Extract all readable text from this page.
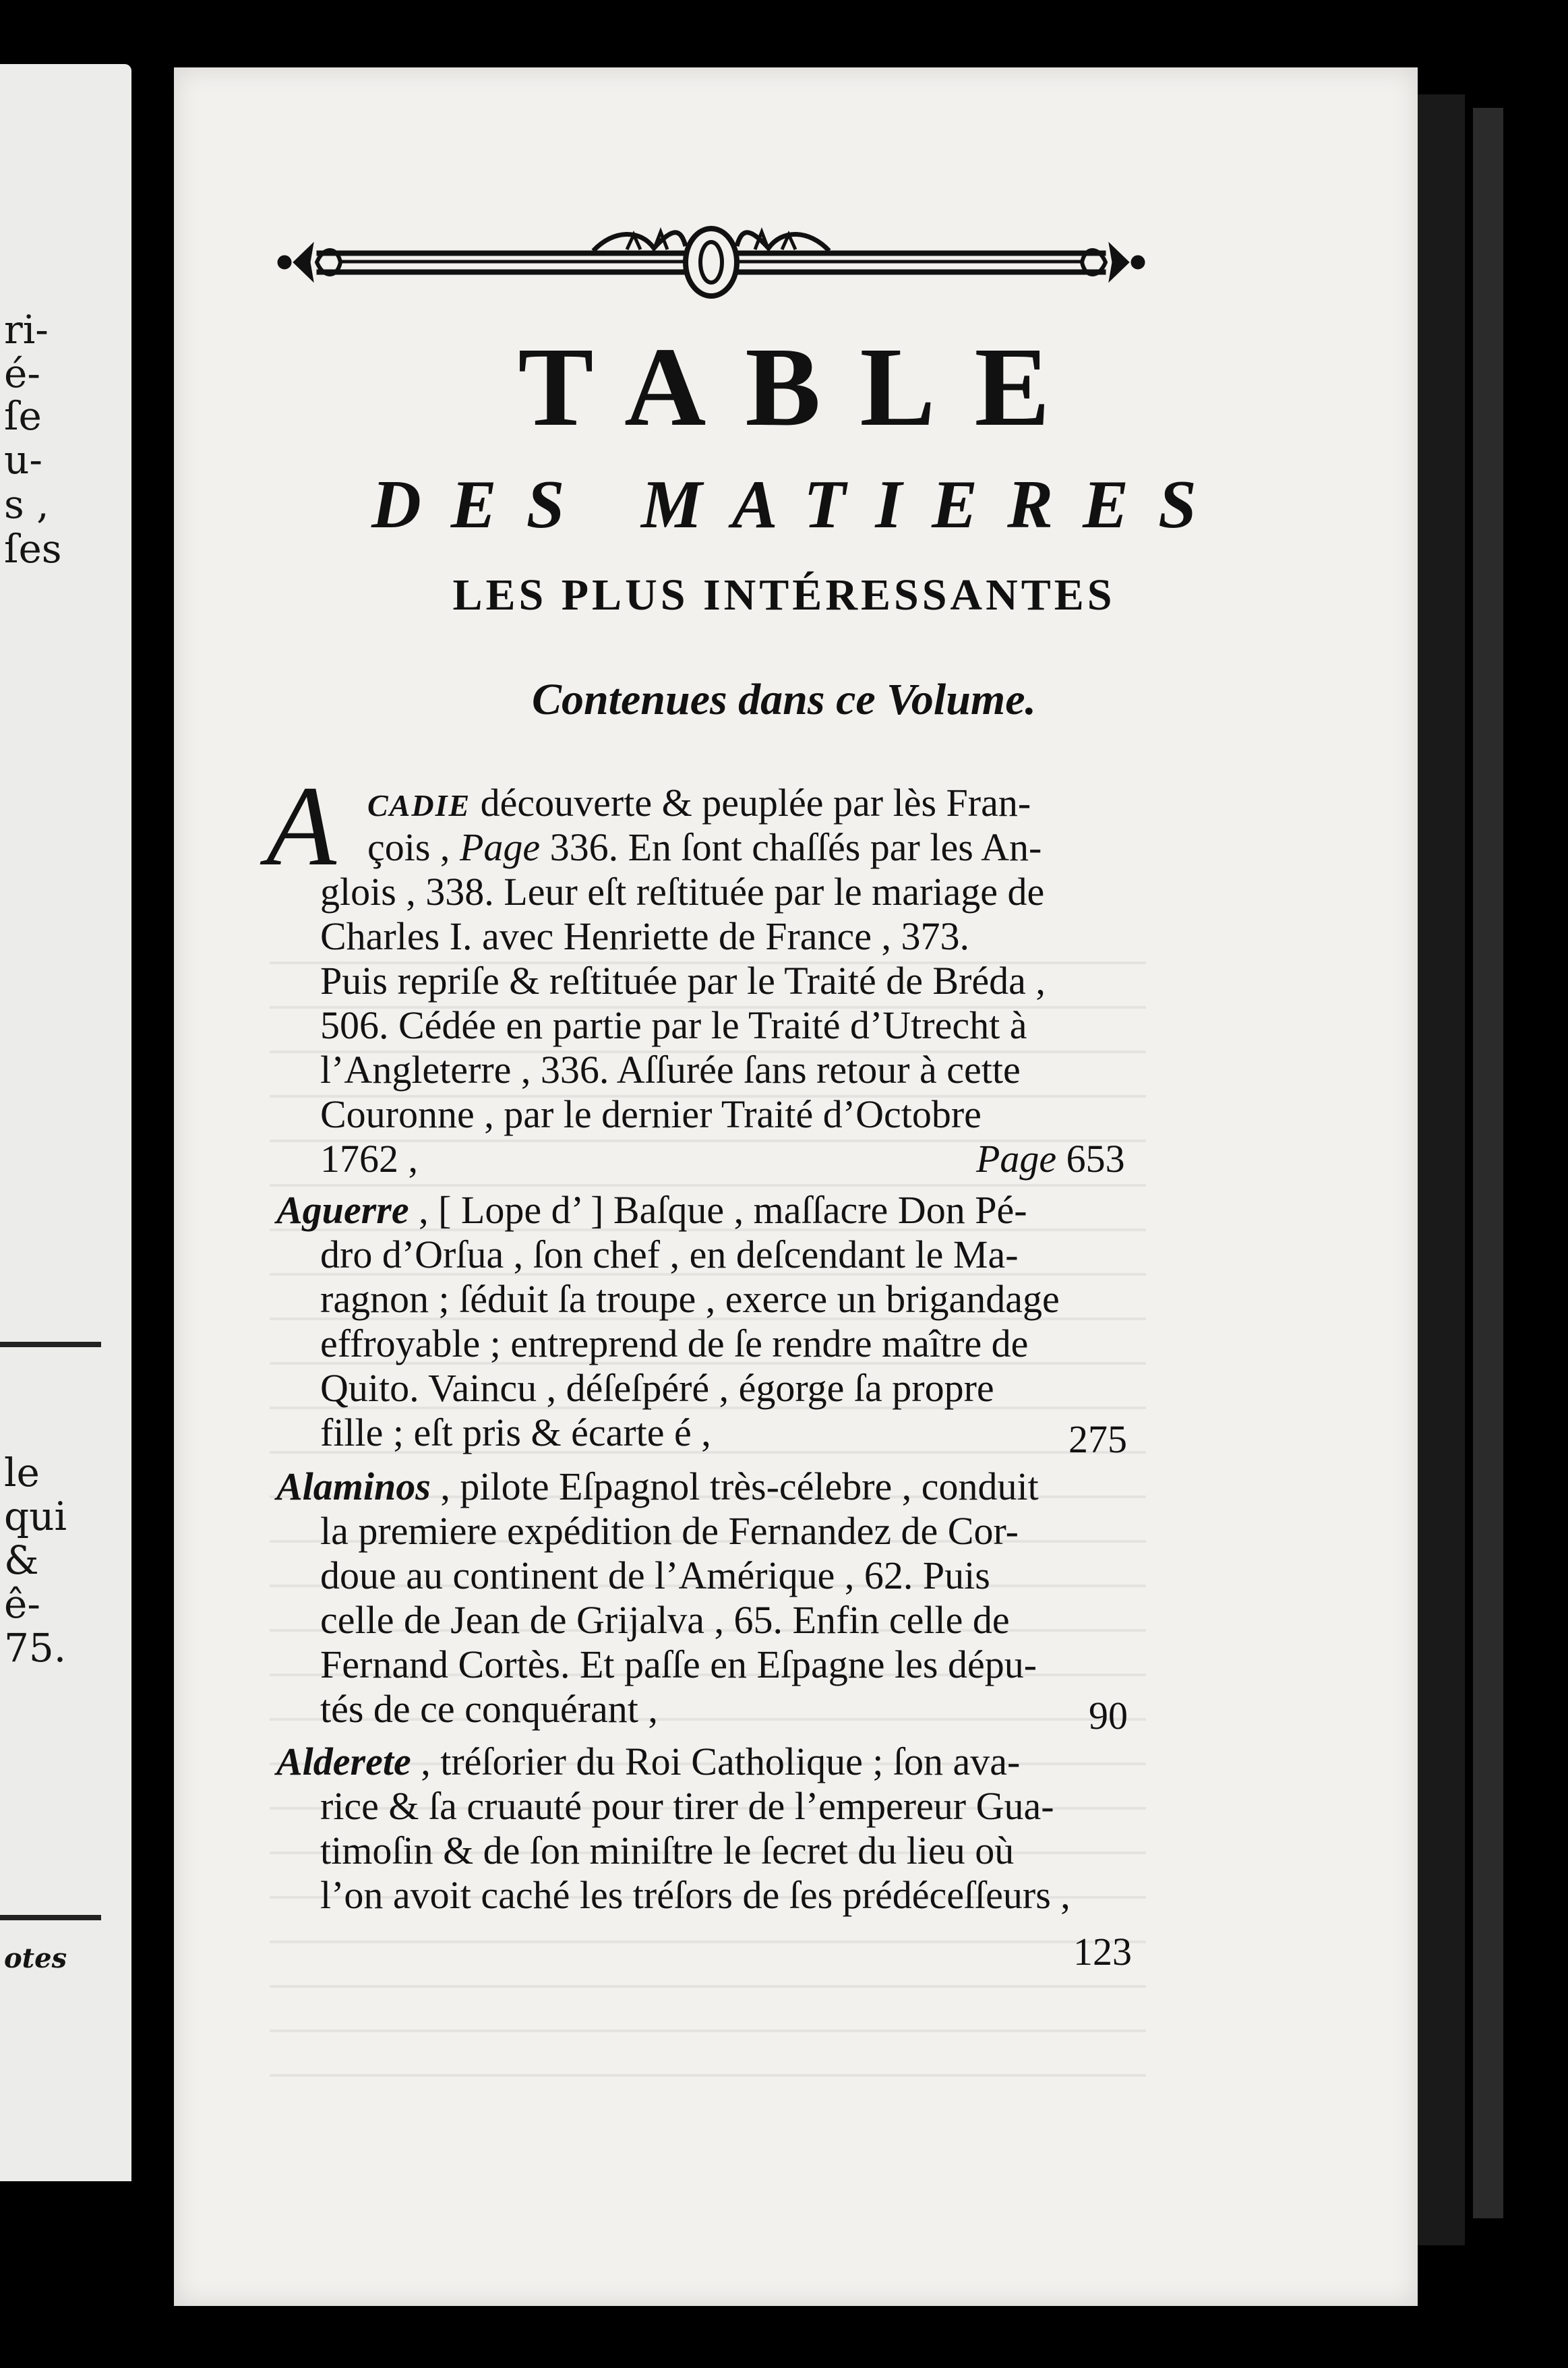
ri-
é-
ſe
u-
s ,
ſes
le
qui
&
ê-
75.
otes
TABLE
DES MATIERES
LES PLUS INTÉRESSANTES
Contenues dans ce Volume.
A CADIE découverte & peuplée par lès Fran-
çois , Page 336. En ſont chaſſés par les An-
glois , 338. Leur eſt reſtituée par le mariage de
Charles I. avec Henriette de France , 373.
Puis repriſe & reſtituée par le Traité de Bréda ,
506. Cédée en partie par le Traité d’Utrecht à
l’Angleterre , 336. Aſſurée ſans retour à cette
Couronne , par le dernier Traité d’Octobre
1762 ,	Page 653
Aguerre , [ Lope d’ ] Baſque , maſſacre Don Pé-
dro d’Orſua , ſon chef , en deſcendant le Ma-
ragnon ; ſéduit ſa troupe , exerce un brigandage
effroyable ; entreprend de ſe rendre maître de
Quito. Vaincu , déſeſpéré , égorge ſa propre
fille ; eſt pris & écarte é ,	275
Alaminos , pilote Eſpagnol très-célebre , conduit
la premiere expédition de Fernandez de Cor-
doue au continent de l’Amérique , 62. Puis
celle de Jean de Grijalva , 65. Enfin celle de
Fernand Cortès. Et paſſe en Eſpagne les dépu-
tés de ce conquérant ,	90
Alderete , tréſorier du Roi Catholique ; ſon ava-
rice & ſa cruauté pour tirer de l’empereur Gua-
timoſin & de ſon miniſtre le ſecret du lieu où
l’on avoit caché les tréſors de ſes prédéceſſeurs ,
123
